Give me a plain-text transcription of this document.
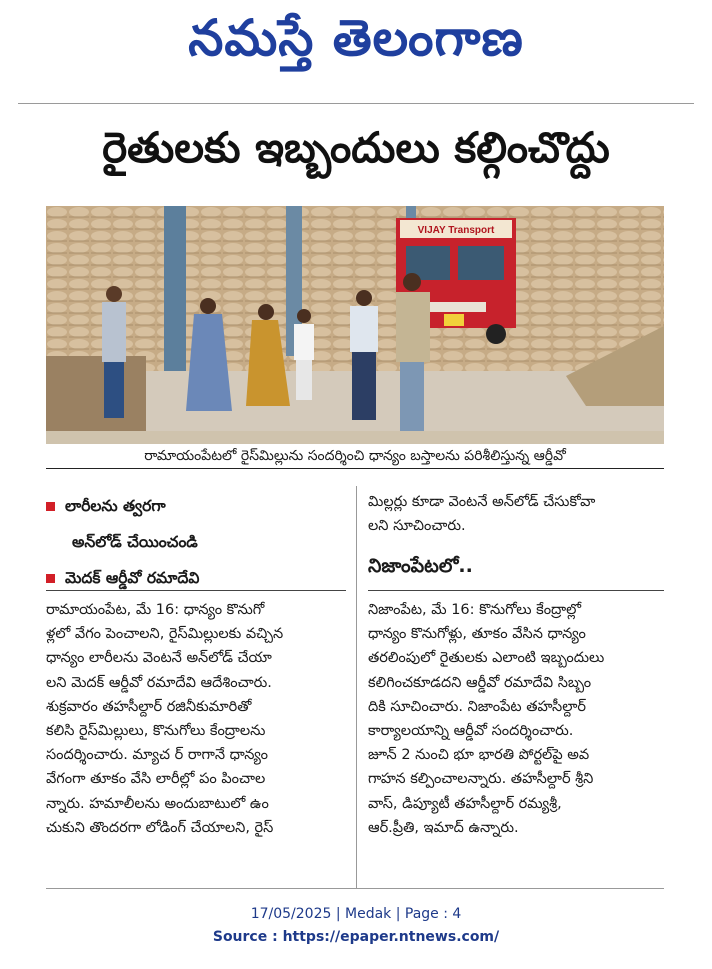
నమస్తే తెలంగాణ
రైతులకు ఇబ్బందులు కల్గించొద్దు
VIJAY Transport
రామాయంపేటలో రైస్‌మిల్లును సందర్శించి ధాన్యం బస్తాలను పరిశీలిస్తున్న ఆర్డీవో
లారీలను త్వరగా
అన్‌లోడ్ చేయించండి
మెదక్ ఆర్డీవో రమాదేవి
రామాయంపేట, మే 16: ధాన్యం కొనుగో
ళ్లలో వేగం పెంచాలని, రైస్‌మిల్లులకు వచ్చిన
ధాన్యం లారీలను వెంటనే అన్‌లోడ్ చేయా
లని మెదక్ ఆర్డీవో రమాదేవి ఆదేశించారు.
శుక్రవారం తహసీల్దార్ రజినీకుమారితో
కలిసి రైస్‌మిల్లులు, కొనుగోలు కేంద్రాలను
సందర్శించారు. మ్యాచ ర్ రాగానే ధాన్యం
వేగంగా తూకం వేసి లారీల్లో పం పించాల
న్నారు. హమాలీలను అందుబాటులో ఉం
చుకుని తొందరగా లోడింగ్ చేయాలని, రైస్
మిల్లర్లు కూడా వెంటనే అన్‌లోడ్ చేసుకోవా
లని సూచించారు.
నిజాంపేటలో..
నిజాంపేట, మే 16: కొనుగోలు కేంద్రాల్లో
ధాన్యం కొనుగోళ్లు, తూకం వేసిన ధాన్యం
తరలింపులో రైతులకు ఎలాంటి ఇబ్బందులు
కలిగించకూడదని ఆర్డీవో రమాదేవి సిబ్బం
దికి సూచించారు. నిజాంపేట తహసీల్దార్
కార్యాలయాన్ని ఆర్డీవో సందర్శించారు.
జూన్ 2 నుంచి భూ భారతి పోర్టల్‌పై అవ
గాహన కల్పించాలన్నారు. తహసీల్దార్ శ్రీని
వాస్, డిప్యూటీ తహసీల్దార్ రమ్యశ్రీ,
ఆర్.ప్రీతి, ఇమాద్ ఉన్నారు.
17/05/2025 | Medak | Page : 4
Source : https://epaper.ntnews.com/
